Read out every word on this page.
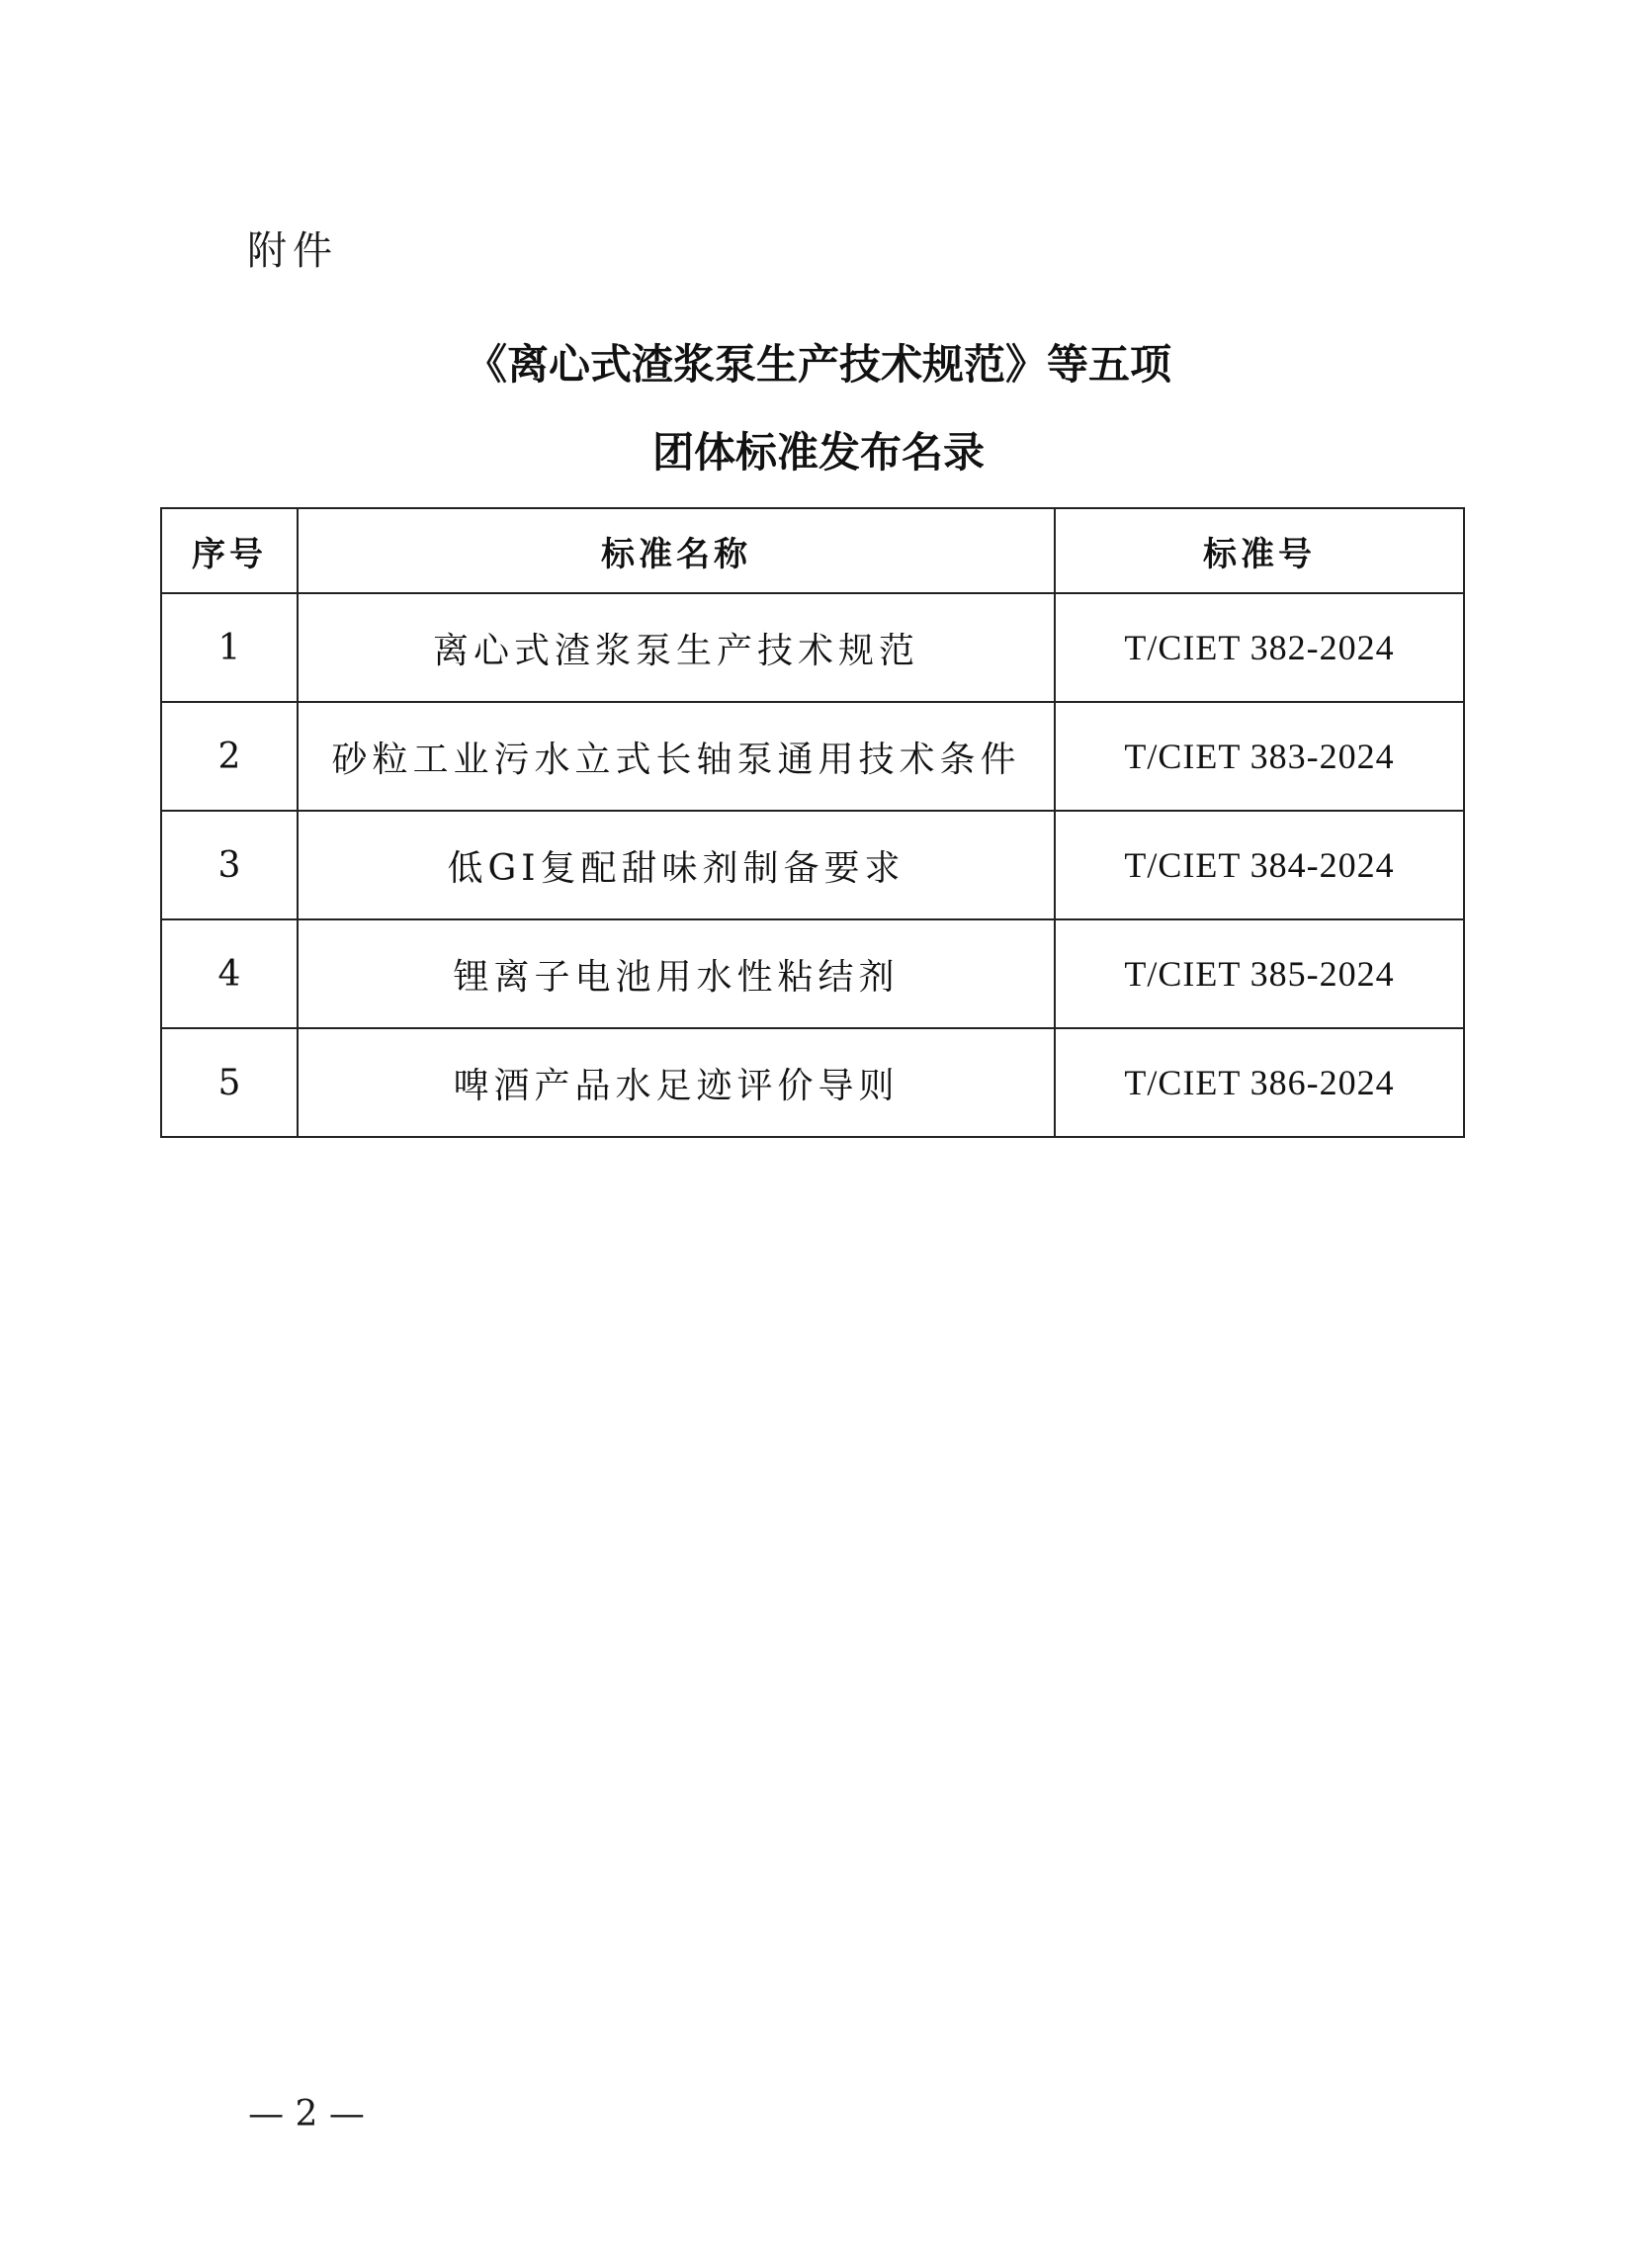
附件
《离心式渣浆泵生产技术规范》等五项
团体标准发布名录
序号	标准名称	标准号
1	离心式渣浆泵生产技术规范	T/CIET 382-2024
2	砂粒工业污水立式长轴泵通用技术条件	T/CIET 383-2024
3	低GI复配甜味剂制备要求	T/CIET 384-2024
4	锂离子电池用水性粘结剂	T/CIET 385-2024
5	啤酒产品水足迹评价导则	T/CIET 386-2024
— 2 —
